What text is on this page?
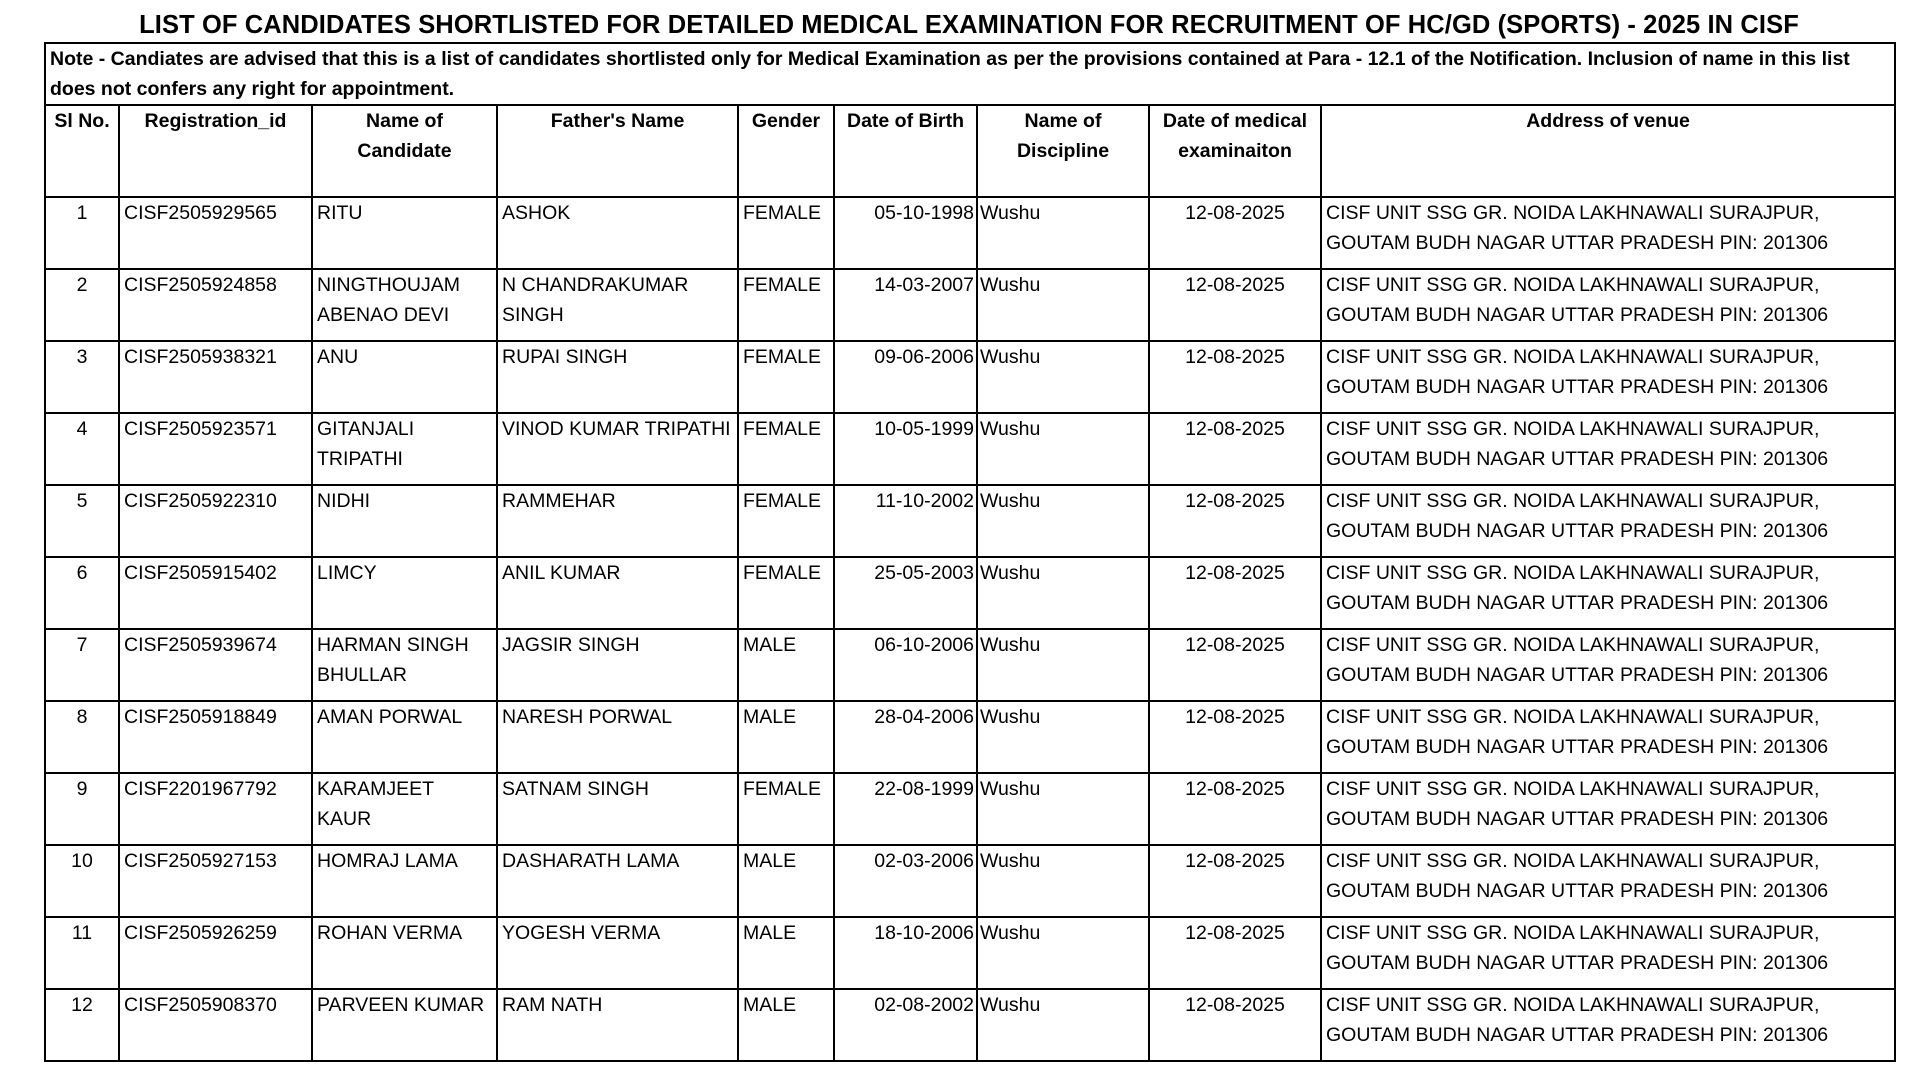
LIST OF CANDIDATES SHORTLISTED FOR DETAILED MEDICAL EXAMINATION FOR RECRUITMENT OF HC/GD (SPORTS) - 2025 IN CISF
Note - Candiates are advised that this is a list of candidates shortlisted only for Medical Examination as per the provisions contained at Para - 12.1 of the Notification. Inclusion of name in this list does not confers any right for appointment.								
Sl No.	Registration_id	Name of Candidate	Father's Name	Gender	Date of Birth	Name of Discipline	Date of medical examinaiton	Address of venue
1	CISF2505929565	RITU	ASHOK	FEMALE	05-10-1998	Wushu	12-08-2025	CISF UNIT SSG GR. NOIDA LAKHNAWALI SURAJPUR, GOUTAM BUDH NAGAR UTTAR PRADESH PIN: 201306
2	CISF2505924858	NINGTHOUJAM ABENAO DEVI	N CHANDRAKUMAR SINGH	FEMALE	14-03-2007	Wushu	12-08-2025	CISF UNIT SSG GR. NOIDA LAKHNAWALI SURAJPUR, GOUTAM BUDH NAGAR UTTAR PRADESH PIN: 201306
3	CISF2505938321	ANU	RUPAI SINGH	FEMALE	09-06-2006	Wushu	12-08-2025	CISF UNIT SSG GR. NOIDA LAKHNAWALI SURAJPUR, GOUTAM BUDH NAGAR UTTAR PRADESH PIN: 201306
4	CISF2505923571	GITANJALI TRIPATHI	VINOD KUMAR TRIPATHI	FEMALE	10-05-1999	Wushu	12-08-2025	CISF UNIT SSG GR. NOIDA LAKHNAWALI SURAJPUR, GOUTAM BUDH NAGAR UTTAR PRADESH PIN: 201306
5	CISF2505922310	NIDHI	RAMMEHAR	FEMALE	11-10-2002	Wushu	12-08-2025	CISF UNIT SSG GR. NOIDA LAKHNAWALI SURAJPUR, GOUTAM BUDH NAGAR UTTAR PRADESH PIN: 201306
6	CISF2505915402	LIMCY	ANIL KUMAR	FEMALE	25-05-2003	Wushu	12-08-2025	CISF UNIT SSG GR. NOIDA LAKHNAWALI SURAJPUR, GOUTAM BUDH NAGAR UTTAR PRADESH PIN: 201306
7	CISF2505939674	HARMAN SINGH BHULLAR	JAGSIR SINGH	MALE	06-10-2006	Wushu	12-08-2025	CISF UNIT SSG GR. NOIDA LAKHNAWALI SURAJPUR, GOUTAM BUDH NAGAR UTTAR PRADESH PIN: 201306
8	CISF2505918849	AMAN PORWAL	NARESH PORWAL	MALE	28-04-2006	Wushu	12-08-2025	CISF UNIT SSG GR. NOIDA LAKHNAWALI SURAJPUR, GOUTAM BUDH NAGAR UTTAR PRADESH PIN: 201306
9	CISF2201967792	KARAMJEET KAUR	SATNAM SINGH	FEMALE	22-08-1999	Wushu	12-08-2025	CISF UNIT SSG GR. NOIDA LAKHNAWALI SURAJPUR, GOUTAM BUDH NAGAR UTTAR PRADESH PIN: 201306
10	CISF2505927153	HOMRAJ LAMA	DASHARATH LAMA	MALE	02-03-2006	Wushu	12-08-2025	CISF UNIT SSG GR. NOIDA LAKHNAWALI SURAJPUR, GOUTAM BUDH NAGAR UTTAR PRADESH PIN: 201306
11	CISF2505926259	ROHAN VERMA	YOGESH VERMA	MALE	18-10-2006	Wushu	12-08-2025	CISF UNIT SSG GR. NOIDA LAKHNAWALI SURAJPUR, GOUTAM BUDH NAGAR UTTAR PRADESH PIN: 201306
12	CISF2505908370	PARVEEN KUMAR	RAM NATH	MALE	02-08-2002	Wushu	12-08-2025	CISF UNIT SSG GR. NOIDA LAKHNAWALI SURAJPUR, GOUTAM BUDH NAGAR UTTAR PRADESH PIN: 201306
